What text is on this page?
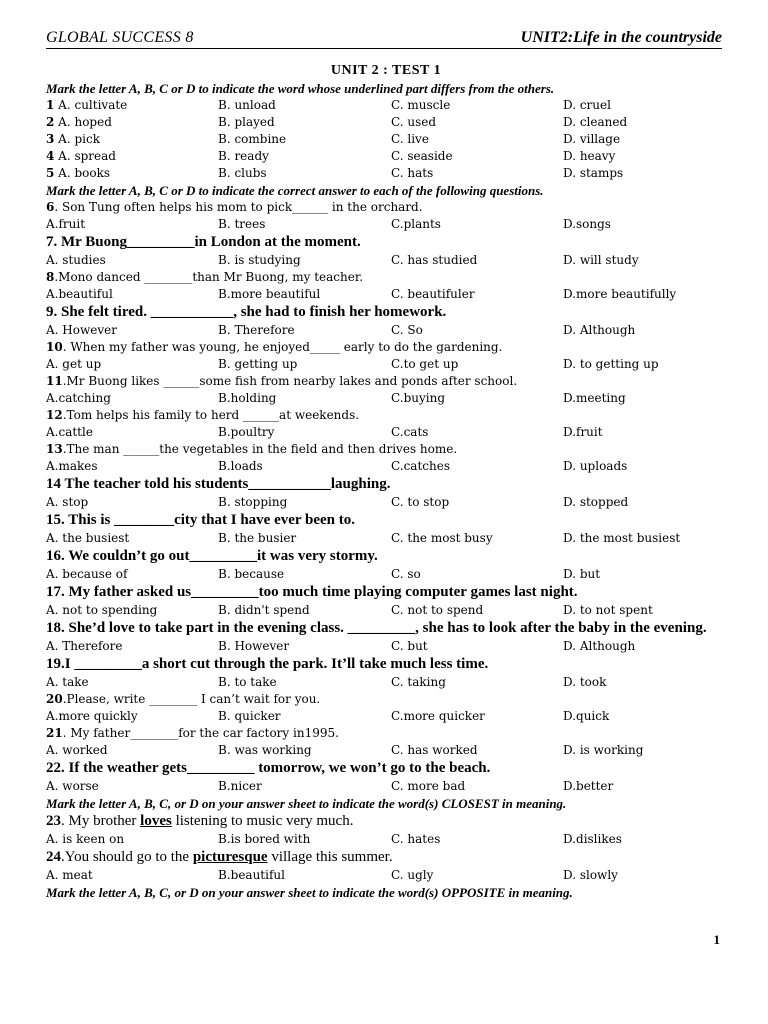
GLOBAL SUCCESS 8	UNIT2:Life in the countryside
UNIT 2 : TEST 1
Mark the letter A, B, C or D to indicate the word whose underlined part differs from the others.
1 A. cultivate	B. unload	C. muscle	D. cruel
2 A. hoped	B. played	C. used	D. cleaned
3 A. pick	B. combine	C. live	D. village
4 A. spread	B. ready	C. seaside	D. heavy
5 A. books	B. clubs	C. hats	D. stamps
Mark the letter A, B, C or D to indicate the correct answer to each of the following questions.
6. Son Tung often helps his mom to pick______ in the orchard.
A.fruit	B. trees	C.plants	D.songs
7. Mr Buong_________in London at the moment.
A. studies	B. is studying	C. has studied	D. will study
8.Mono danced ________than Mr Buong, my teacher.
A.beautiful	B.more beautiful	C. beautifuler	D.more beautifully
9. She felt tired. ___________, she had to finish her homework.
A. However	B. Therefore	C. So	D. Although
10. When my father was young, he enjoyed_____ early to do the gardening.
A. get up	B. getting up	C.to get up	D. to getting up
11.Mr Buong likes ______some fish from nearby lakes and ponds after school.
A.catching	B.holding	C.buying	D.meeting
12.Tom helps his family to herd ______at weekends.
A.cattle	B.poultry	C.cats	D.fruit
13.The man ______the vegetables in the field and then drives home.
A.makes	B.loads	C.catches	D. uploads
14 The teacher told his students___________laughing.
A. stop	B. stopping	C. to stop	D. stopped
15. This is ________city that I have ever been to.
A. the busiest	B. the busier	C. the most busy	D. the most busiest
16. We couldn’t go out_________it was very stormy.
A. because of	B. because	C. so	D. but
17. My father asked us_________too much time playing computer games last night.
A. not to spending	B. didn't spend	C. not to spend	D. to not spent
18. She’d love to take part in the evening class. _________, she has to look after the baby in the evening.
A. Therefore	B. However	C. but	D. Although
19.I _________a short cut through the park. It’ll take much less time.
A. take	B. to take	C. taking	D. took
20.Please, write ________ I can’t wait for you.
A.more quickly	B. quicker	C.more quicker	D.quick
21. My father________for the car factory in1995.
A. worked	B. was working	C. has worked	D. is working
22. If the weather gets_________ tomorrow, we won’t go to the beach.
A. worse	B.nicer	C. more bad	D.better
Mark the letter A, B, C, or D on your answer sheet to indicate the word(s) CLOSEST in meaning.
23. My brother loves listening to music very much.
A. is keen on	B.is bored with	C. hates	D.dislikes
24.You should go to the picturesque village this summer.
A. meat	B.beautiful	C. ugly	D. slowly
Mark the letter A, B, C, or D on your answer sheet to indicate the word(s) OPPOSITE in meaning.
1
